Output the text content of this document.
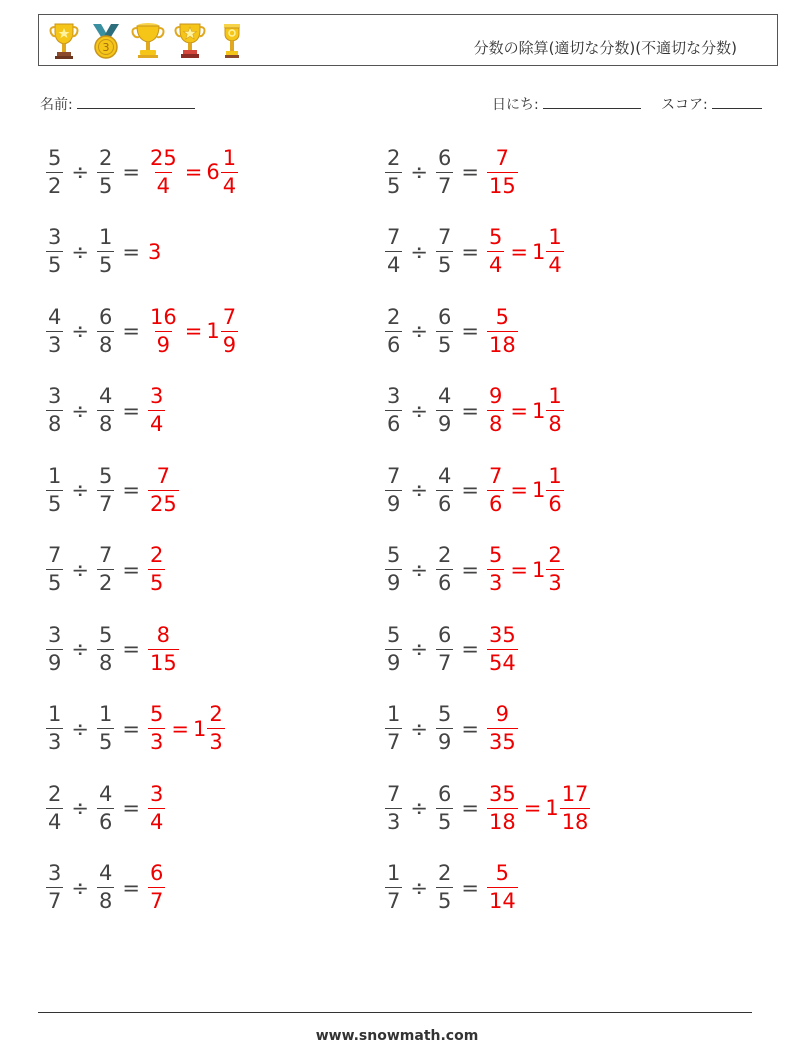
3	分数の除算(適切な分数)(不適切な分数)
名前:	日にち:	スコア:
$\frac{5}{2} \div \frac{2}{5} = \frac{25}{4} = 6 \frac{1}{4}$	$\frac{2}{5} \div \frac{6}{7} = \frac{7}{15}$
$\frac{3}{5} \div \frac{1}{5} = 3$	$\frac{7}{4} \div \frac{7}{5} = \frac{5}{4} = 1 \frac{1}{4}$
$\frac{4}{3} \div \frac{6}{8} = \frac{16}{9} = 1 \frac{7}{9}$	$\frac{2}{6} \div \frac{6}{5} = \frac{5}{18}$
$\frac{3}{8} \div \frac{4}{8} = \frac{3}{4}$	$\frac{3}{6} \div \frac{4}{9} = \frac{9}{8} = 1 \frac{1}{8}$
$\frac{1}{5} \div \frac{5}{7} = \frac{7}{25}$	$\frac{7}{9} \div \frac{4}{6} = \frac{7}{6} = 1 \frac{1}{6}$
$\frac{7}{5} \div \frac{7}{2} = \frac{2}{5}$	$\frac{5}{9} \div \frac{2}{6} = \frac{5}{3} = 1 \frac{2}{3}$
$\frac{3}{9} \div \frac{5}{8} = \frac{8}{15}$	$\frac{5}{9} \div \frac{6}{7} = \frac{35}{54}$
$\frac{1}{3} \div \frac{1}{5} = \frac{5}{3} = 1 \frac{2}{3}$	$\frac{1}{7} \div \frac{5}{9} = \frac{9}{35}$
$\frac{2}{4} \div \frac{4}{6} = \frac{3}{4}$	$\frac{7}{3} \div \frac{6}{5} = \frac{35}{18} = 1 \frac{17}{18}$
$\frac{3}{7} \div \frac{4}{8} = \frac{6}{7}$	$\frac{1}{7} \div \frac{2}{5} = \frac{5}{14}$
www.snowmath.com
